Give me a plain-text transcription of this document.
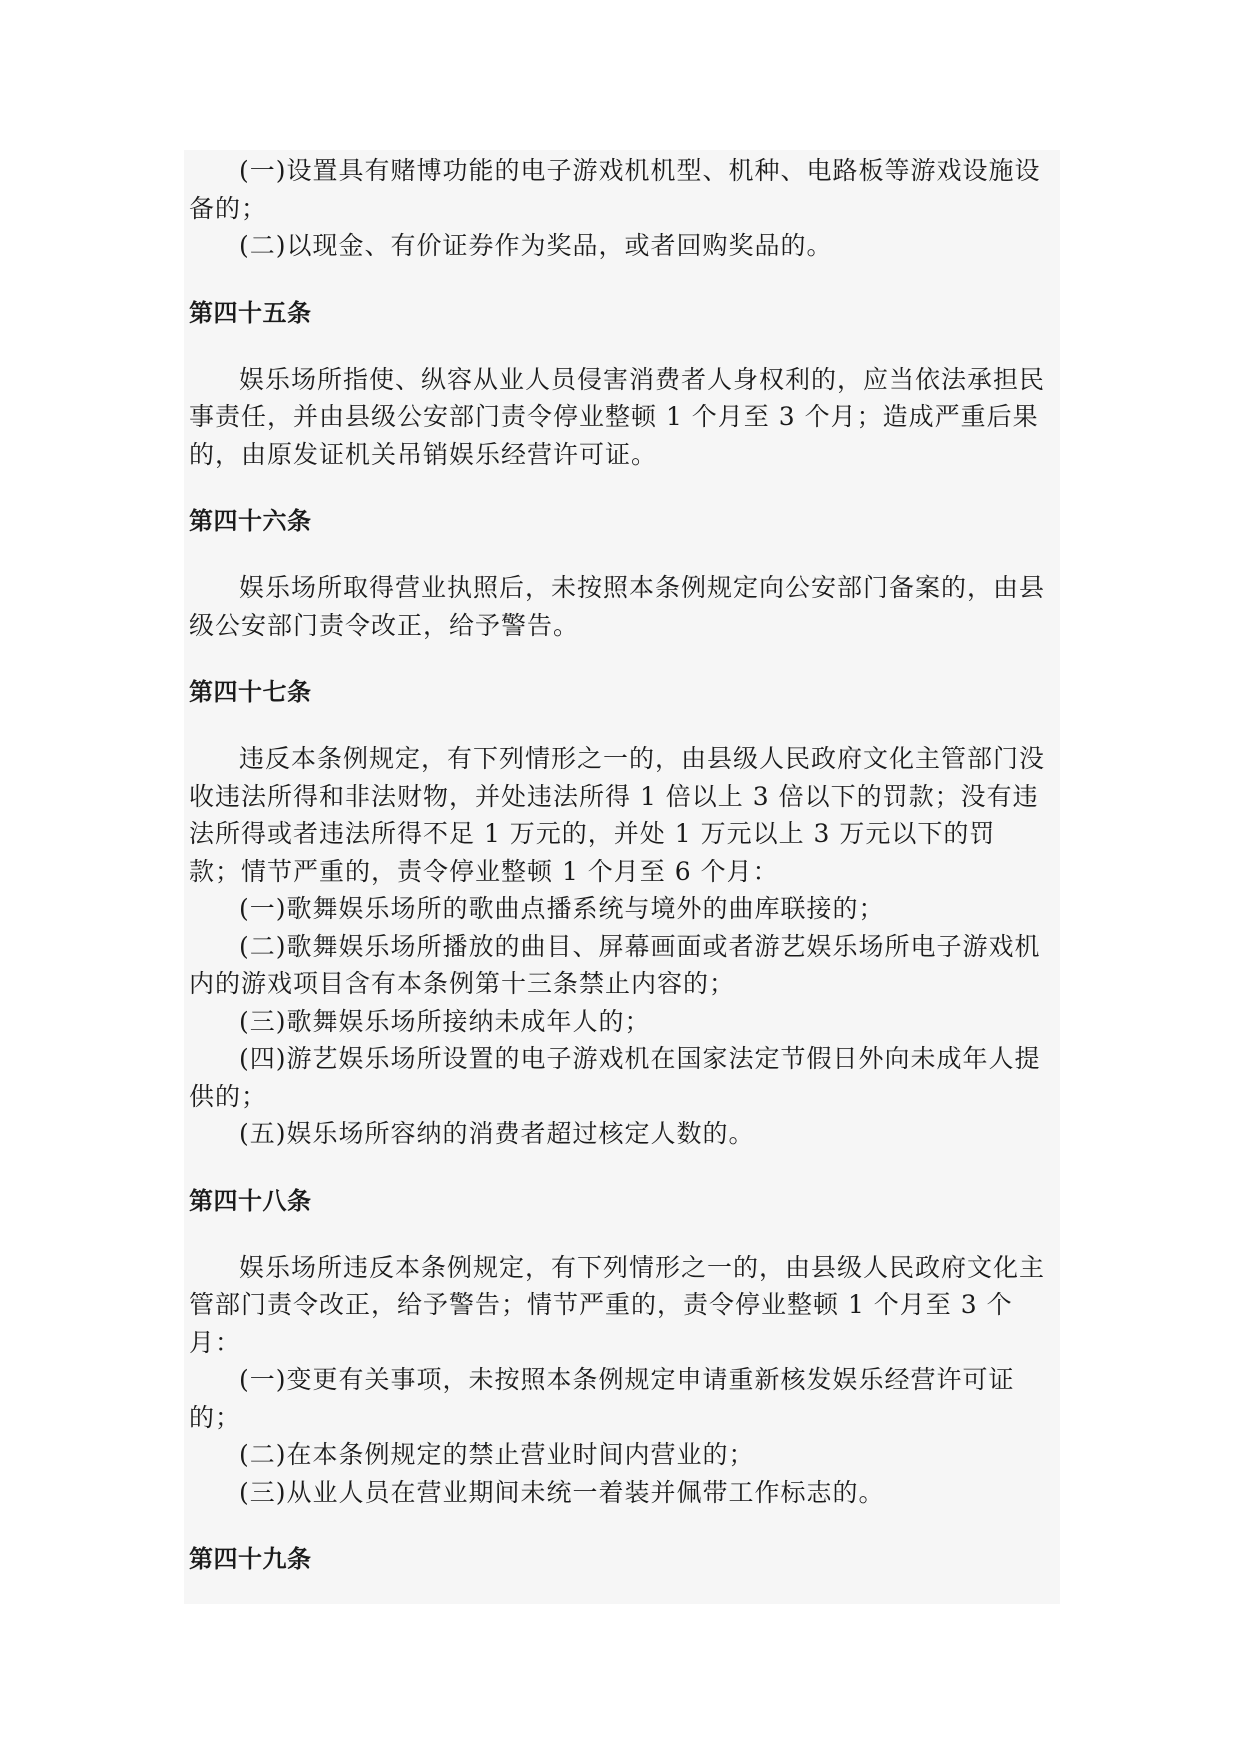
(一)设置具有赌博功能的电子游戏机机型、机种、电路板等游戏设施设备的；

(二)以现金、有价证券作为奖品，或者回购奖品的。

第四十五条

娱乐场所指使、纵容从业人员侵害消费者人身权利的，应当依法承担民事责任，并由县级公安部门责令停业整顿 1 个月至 3 个月；造成严重后果的，由原发证机关吊销娱乐经营许可证。

第四十六条

娱乐场所取得营业执照后，未按照本条例规定向公安部门备案的，由县级公安部门责令改正，给予警告。

第四十七条

违反本条例规定，有下列情形之一的，由县级人民政府文化主管部门没收违法所得和非法财物，并处违法所得 1 倍以上 3 倍以下的罚款；没有违法所得或者违法所得不足 1 万元的，并处 1 万元以上 3 万元以下的罚款；情节严重的，责令停业整顿 1 个月至 6 个月：

(一)歌舞娱乐场所的歌曲点播系统与境外的曲库联接的；

(二)歌舞娱乐场所播放的曲目、屏幕画面或者游艺娱乐场所电子游戏机内的游戏项目含有本条例第十三条禁止内容的；

(三)歌舞娱乐场所接纳未成年人的；

(四)游艺娱乐场所设置的电子游戏机在国家法定节假日外向未成年人提供的；

(五)娱乐场所容纳的消费者超过核定人数的。

第四十八条

娱乐场所违反本条例规定，有下列情形之一的，由县级人民政府文化主管部门责令改正，给予警告；情节严重的，责令停业整顿 1 个月至 3 个月：

(一)变更有关事项，未按照本条例规定申请重新核发娱乐经营许可证的；

(二)在本条例规定的禁止营业时间内营业的；

(三)从业人员在营业期间未统一着装并佩带工作标志的。

第四十九条
